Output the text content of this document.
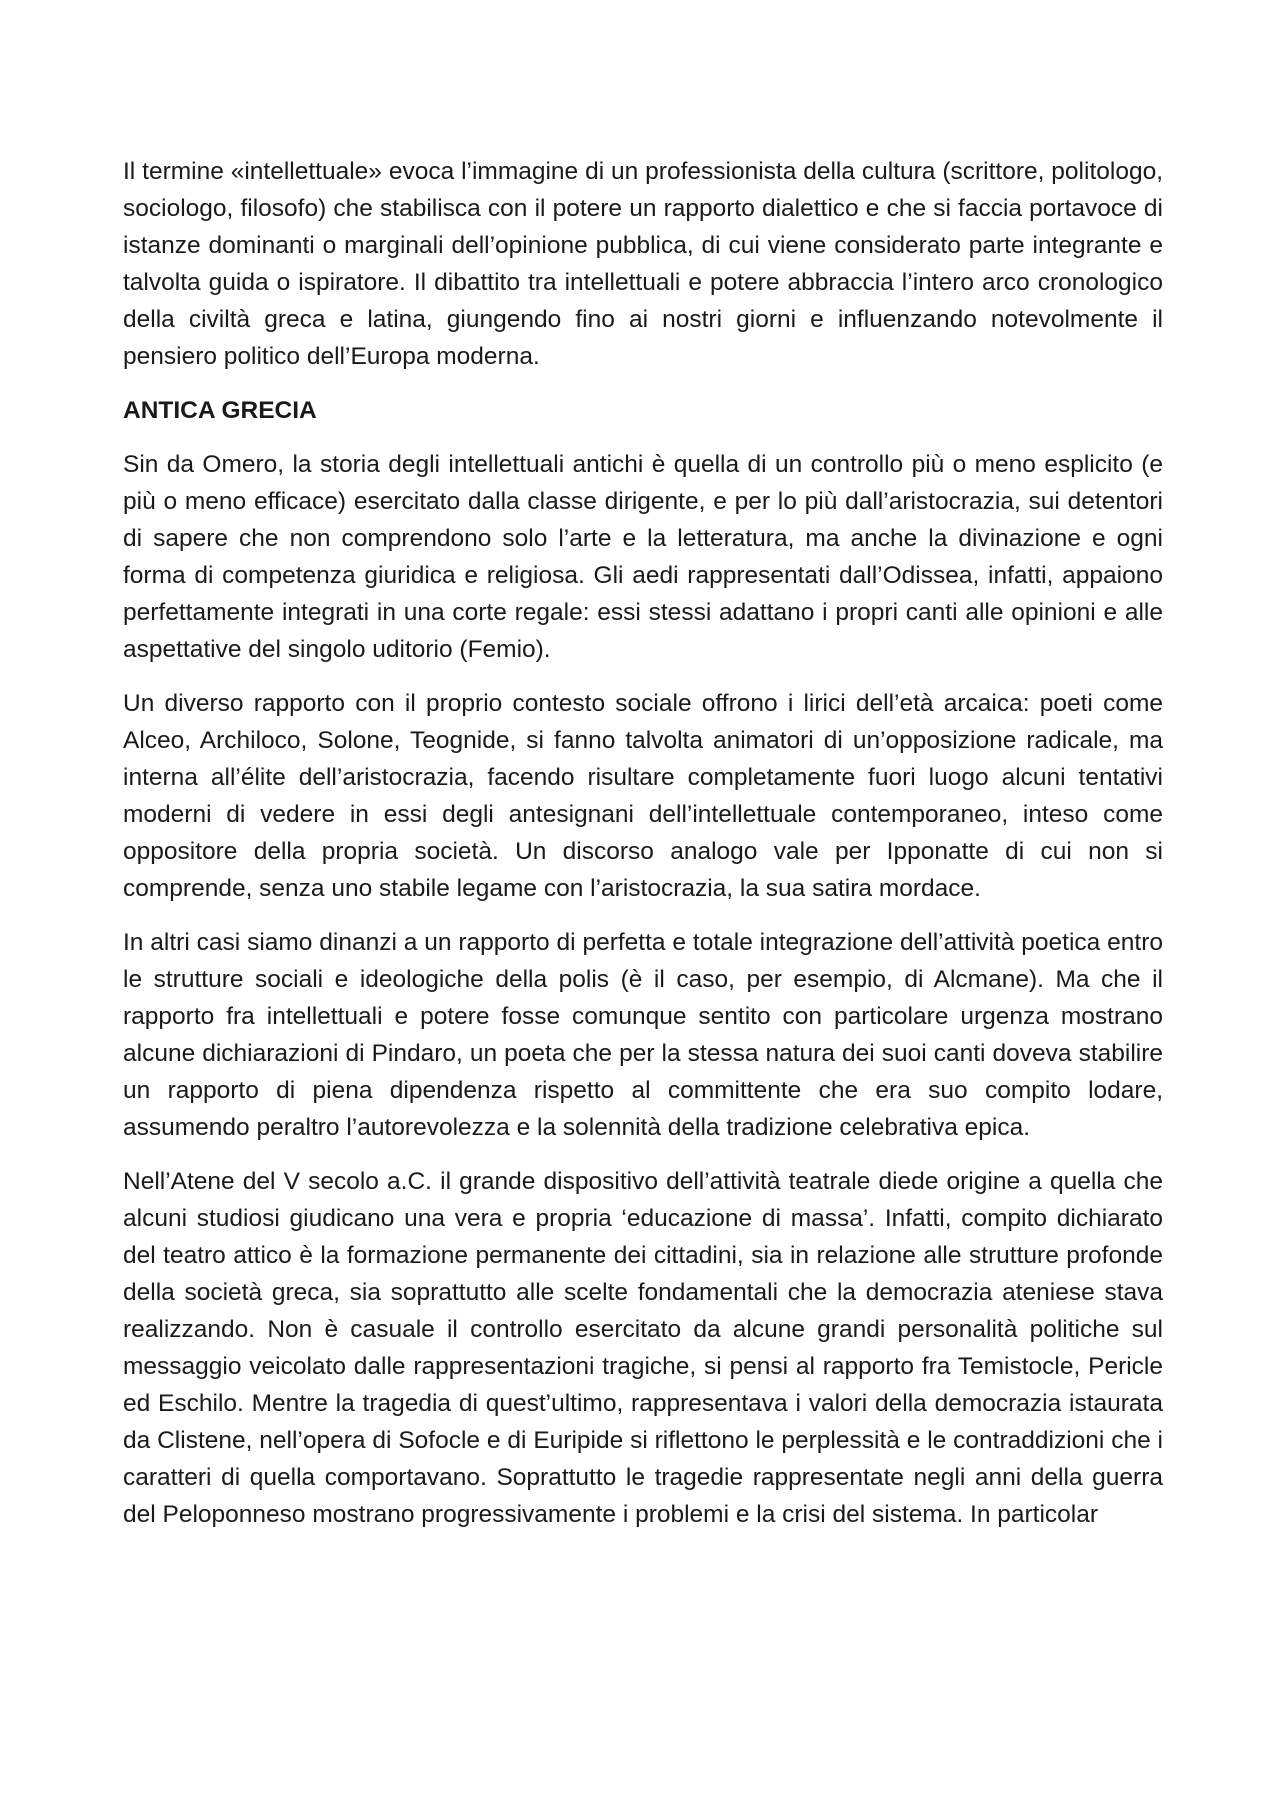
Il termine «intellettuale» evoca l’immagine di un professionista della cultura (scrittore, politologo, sociologo, filosofo) che stabilisca con il potere un rapporto dialettico e che si faccia portavoce di istanze dominanti o marginali dell’opinione pubblica, di cui viene considerato parte integrante e talvolta guida o ispiratore. Il dibattito tra intellettuali e potere abbraccia l’intero arco cronologico della civiltà greca e latina, giungendo fino ai nostri giorni e influenzando notevolmente il pensiero politico dell’Europa moderna.

ANTICA GRECIA

Sin da Omero, la storia degli intellettuali antichi è quella di un controllo più o meno esplicito (e più o meno efficace) esercitato dalla classe dirigente, e per lo più dall’aristocrazia, sui detentori di sapere che non comprendono solo l’arte e la letteratura, ma anche la divinazione e ogni forma di competenza giuridica e religiosa. Gli aedi rappresentati dall’Odissea, infatti, appaiono perfettamente integrati in una corte regale: essi stessi adattano i propri canti alle opinioni e alle aspettative del singolo uditorio (Femio).

Un diverso rapporto con il proprio contesto sociale offrono i lirici dell’età arcaica: poeti come Alceo, Archiloco, Solone, Teognide, si fanno talvolta animatori di un’opposizione radicale, ma interna all’élite dell’aristocrazia, facendo risultare completamente fuori luogo alcuni tentativi moderni di vedere in essi degli antesignani dell’intellettuale contemporaneo, inteso come oppositore della propria società. Un discorso analogo vale per Ipponatte di cui non si comprende, senza uno stabile legame con l’aristocrazia, la sua satira mordace.

In altri casi siamo dinanzi a un rapporto di perfetta e totale integrazione dell’attività poetica entro le strutture sociali e ideologiche della polis (è il caso, per esempio, di Alcmane). Ma che il rapporto fra intellettuali e potere fosse comunque sentito con particolare urgenza mostrano alcune dichiarazioni di Pindaro, un poeta che per la stessa natura dei suoi canti doveva stabilire un rapporto di piena dipendenza rispetto al committente che era suo compito lodare, assumendo peraltro l’autorevolezza e la solennità della tradizione celebrativa epica.

Nell’Atene del V secolo a.C. il grande dispositivo dell’attività teatrale diede origine a quella che alcuni studiosi giudicano una vera e propria ‘educazione di massa’. Infatti, compito dichiarato del teatro attico è la formazione permanente dei cittadini, sia in relazione alle strutture profonde della società greca, sia soprattutto alle scelte fondamentali che la democrazia ateniese stava realizzando. Non è casuale il controllo esercitato da alcune grandi personalità politiche sul messaggio veicolato dalle rappresentazioni tragiche, si pensi al rapporto fra Temistocle, Pericle ed Eschilo. Mentre la tragedia di quest’ultimo, rappresentava i valori della democrazia istaurata da Clistene, nell’opera di Sofocle e di Euripide si riflettono le perplessità e le contraddizioni che i caratteri di quella comportavano. Soprattutto le tragedie rappresentate negli anni della guerra del Peloponneso mostrano progressivamente i problemi e la crisi del sistema. In particolar
